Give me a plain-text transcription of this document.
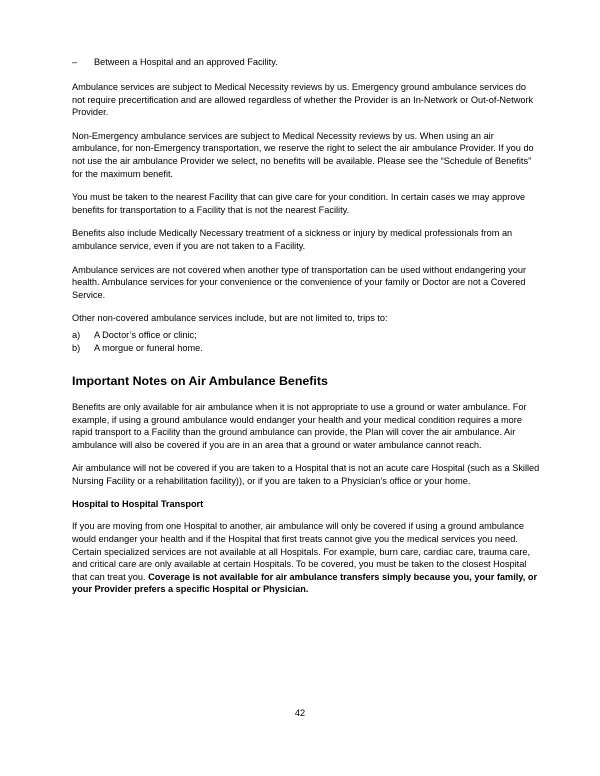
– Between a Hospital and an approved Facility.

Ambulance services are subject to Medical Necessity reviews by us. Emergency ground ambulance services do not require precertification and are allowed regardless of whether the Provider is an In-Network or Out-of-Network Provider.

Non-Emergency ambulance services are subject to Medical Necessity reviews by us. When using an air ambulance, for non-Emergency transportation, we reserve the right to select the air ambulance Provider. If you do not use the air ambulance Provider we select, no benefits will be available. Please see the “Schedule of Benefits” for the maximum benefit.

You must be taken to the nearest Facility that can give care for your condition. In certain cases we may approve benefits for transportation to a Facility that is not the nearest Facility.

Benefits also include Medically Necessary treatment of a sickness or injury by medical professionals from an ambulance service, even if you are not taken to a Facility.

Ambulance services are not covered when another type of transportation can be used without endangering your health. Ambulance services for your convenience or the convenience of your family or Doctor are not a Covered Service.

Other non-covered ambulance services include, but are not limited to, trips to:

a) A Doctor’s office or clinic;
b) A morgue or funeral home.
Important Notes on Air Ambulance Benefits

Benefits are only available for air ambulance when it is not appropriate to use a ground or water ambulance. For example, if using a ground ambulance would endanger your health and your medical condition requires a more rapid transport to a Facility than the ground ambulance can provide, the Plan will cover the air ambulance. Air ambulance will also be covered if you are in an area that a ground or water ambulance cannot reach.

Air ambulance will not be covered if you are taken to a Hospital that is not an acute care Hospital (such as a Skilled Nursing Facility or a rehabilitation facility)), or if you are taken to a Physician’s office or your home.

Hospital to Hospital Transport

If you are moving from one Hospital to another, air ambulance will only be covered if using a ground ambulance would endanger your health and if the Hospital that first treats cannot give you the medical services you need. Certain specialized services are not available at all Hospitals. For example, burn care, cardiac care, trauma care, and critical care are only available at certain Hospitals. To be covered, you must be taken to the closest Hospital that can treat you. Coverage is not available for air ambulance transfers simply because you, your family, or your Provider prefers a specific Hospital or Physician.

42
